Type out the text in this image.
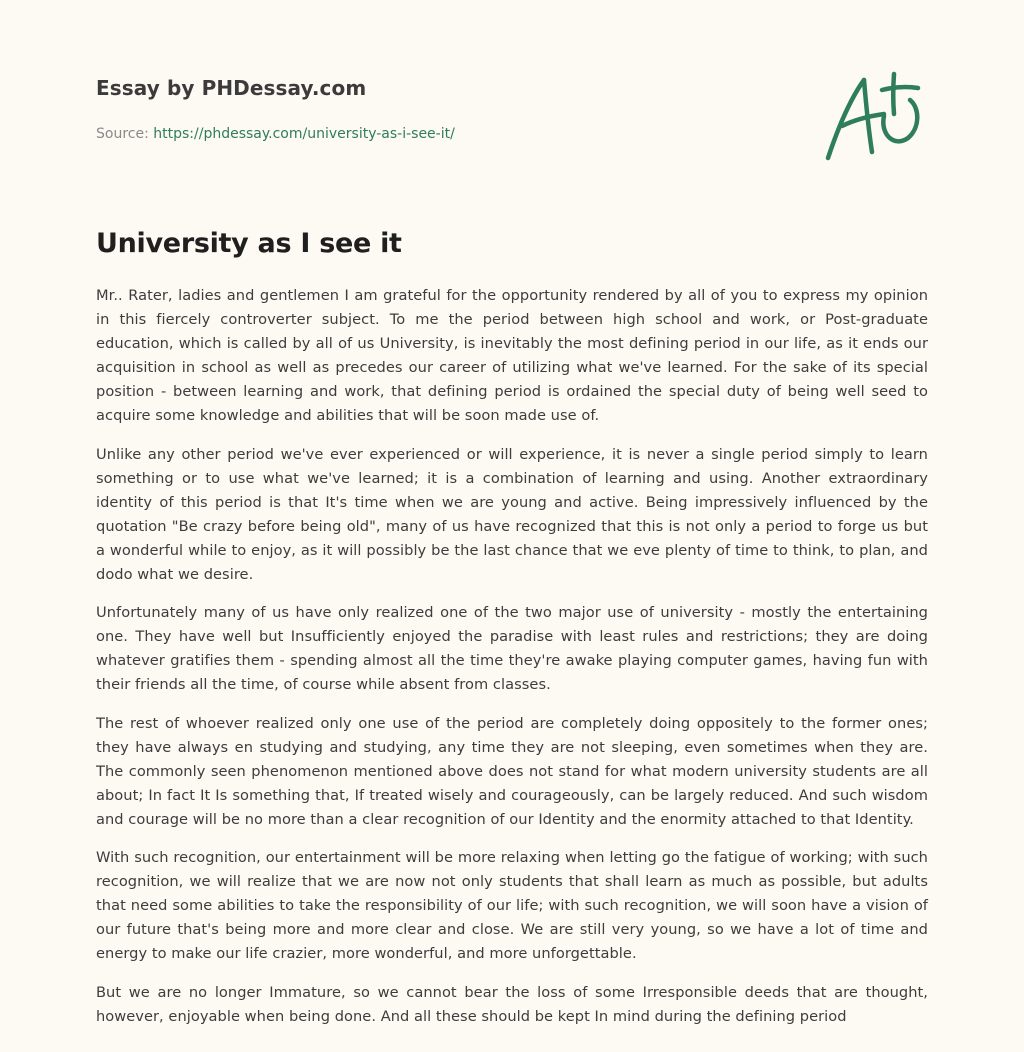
Essay by PHDessay.com
Source: https://phdessay.com/university-as-i-see-it/
University as I see it

Mr.. Rater, ladies and gentlemen I am grateful for the opportunity rendered by all of you to express my opinion in this fiercely controverter subject. To me the period between high school and work, or Post-graduate education, which is called by all of us University, is inevitably the most defining period in our life, as it ends our acquisition in school as well as precedes our career of utilizing what we've learned. For the sake of its special position - between learning and work, that defining period is ordained the special duty of being well seed to acquire some knowledge and abilities that will be soon made use of.

Unlike any other period we've ever experienced or will experience, it is never a single period simply to learn something or to use what we've learned; it is a combination of learning and using. Another extraordinary identity of this period is that It's time when we are young and active. Being impressively influenced by the quotation "Be crazy before being old", many of us have recognized that this is not only a period to forge us but a wonderful while to enjoy, as it will possibly be the last chance that we eve plenty of time to think, to plan, and dodo what we desire.

Unfortunately many of us have only realized one of the two major use of university - mostly the entertaining one. They have well but Insufficiently enjoyed the paradise with least rules and restrictions; they are doing whatever gratifies them - spending almost all the time they're awake playing computer games, having fun with their friends all the time, of course while absent from classes.

The rest of whoever realized only one use of the period are completely doing oppositely to the former ones; they have always en studying and studying, any time they are not sleeping, even sometimes when they are. The commonly seen phenomenon mentioned above does not stand for what modern university students are all about; In fact It Is something that, If treated wisely and courageously, can be largely reduced. And such wisdom and courage will be no more than a clear recognition of our Identity and the enormity attached to that Identity.

With such recognition, our entertainment will be more relaxing when letting go the fatigue of working; with such recognition, we will realize that we are now not only students that shall learn as much as possible, but adults that need some abilities to take the responsibility of our life; with such recognition, we will soon have a vision of our future that's being more and more clear and close. We are still very young, so we have a lot of time and energy to make our life crazier, more wonderful, and more unforgettable.

But we are no longer Immature, so we cannot bear the loss of some Irresponsible deeds that are thought, however, enjoyable when being done. And all these should be kept In mind during the defining period
